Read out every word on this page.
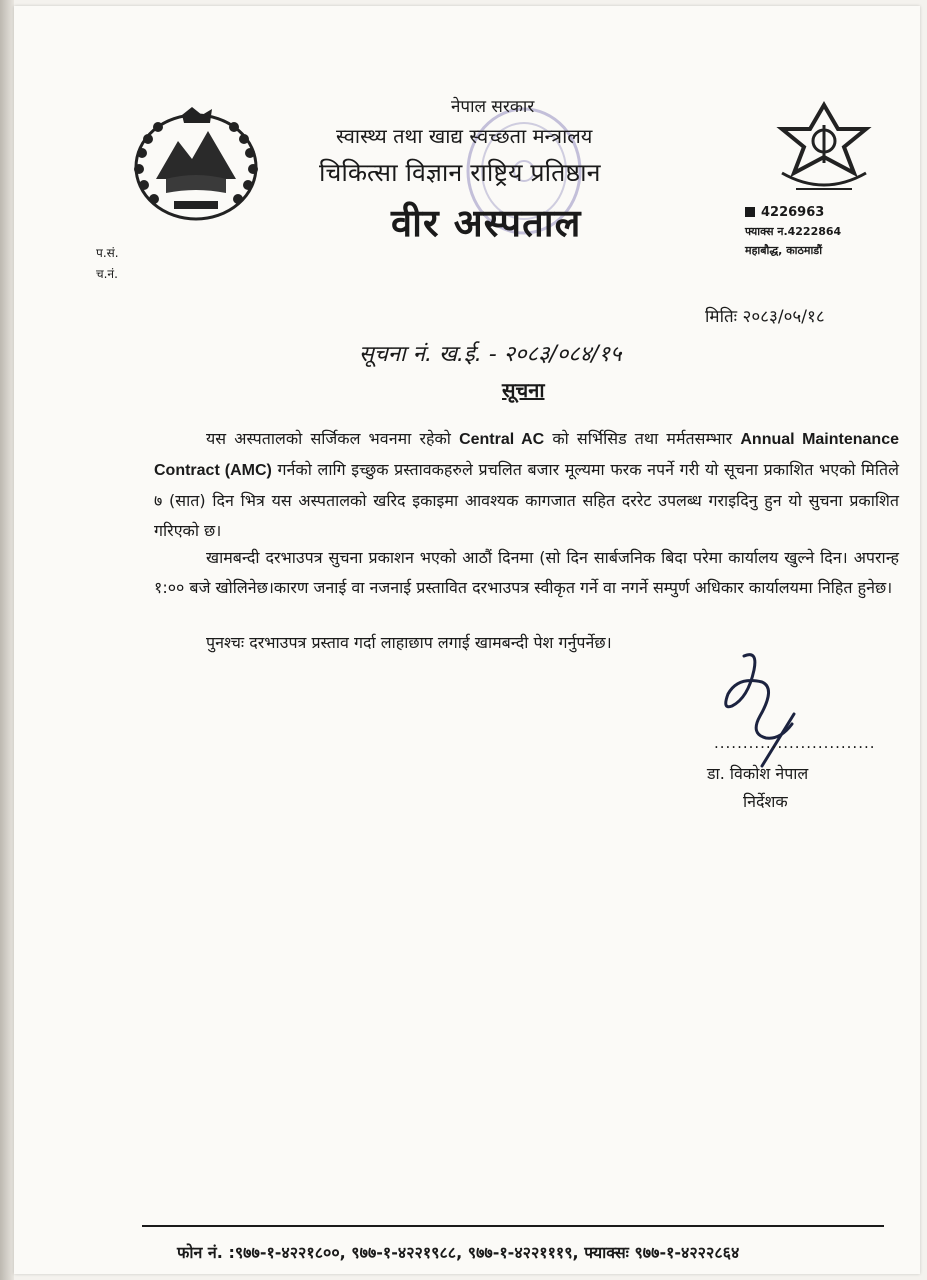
नेपाल सरकार
स्वास्थ्य तथा खाद्य स्वच्छता मन्त्रालय
चिकित्सा विज्ञान राष्ट्रिय प्रतिष्ठान
वीर अस्पताल	4226963
फ्याक्स न.4222864
महाबौद्ध, काठमाडौं
प.सं.
च.नं.
मितिः २०८३/०५/१८
सूचना नं. ख.ई. - २०८३/०८४/१५
सूचना

यस अस्पतालको सर्जिकल भवनमा रहेको Central AC को सर्भिसिड तथा मर्मतसम्भार Annual Maintenance Contract (AMC) गर्नको लागि इच्छुक प्रस्तावकहरुले प्रचलित बजार मूल्यमा फरक नपर्ने गरी यो सूचना प्रकाशित भएको मितिले ७ (सात) दिन भित्र यस अस्पतालको खरिद इकाइमा आवश्यक कागजात सहित दररेट उपलब्ध गराइदिनु हुन यो सुचना प्रकाशित गरिएको छ।

खामबन्दी दरभाउपत्र सुचना प्रकाशन भएको आठौं दिनमा (सो दिन सार्बजनिक बिदा परेमा कार्यालय खुल्ने दिन। अपरान्ह १:०० बजे खोलिनेछ।कारण जनाई वा नजनाई प्रस्तावित दरभाउपत्र स्वीकृत गर्ने वा नगर्ने सम्पुर्ण अधिकार कार्यालयमा निहित हुनेछ।

पुनश्चः दरभाउपत्र प्रस्ताव गर्दा लाहाछाप लगाई खामबन्दी पेश गर्नुपर्नेछ।

............................
डा. विकोश नेपाल
निर्देशक
फोन नं. :९७७-१-४२२१८००, ९७७-१-४२२१९८८, ९७७-१-४२२१११९, फ्याक्सः ९७७-१-४२२२८६४
